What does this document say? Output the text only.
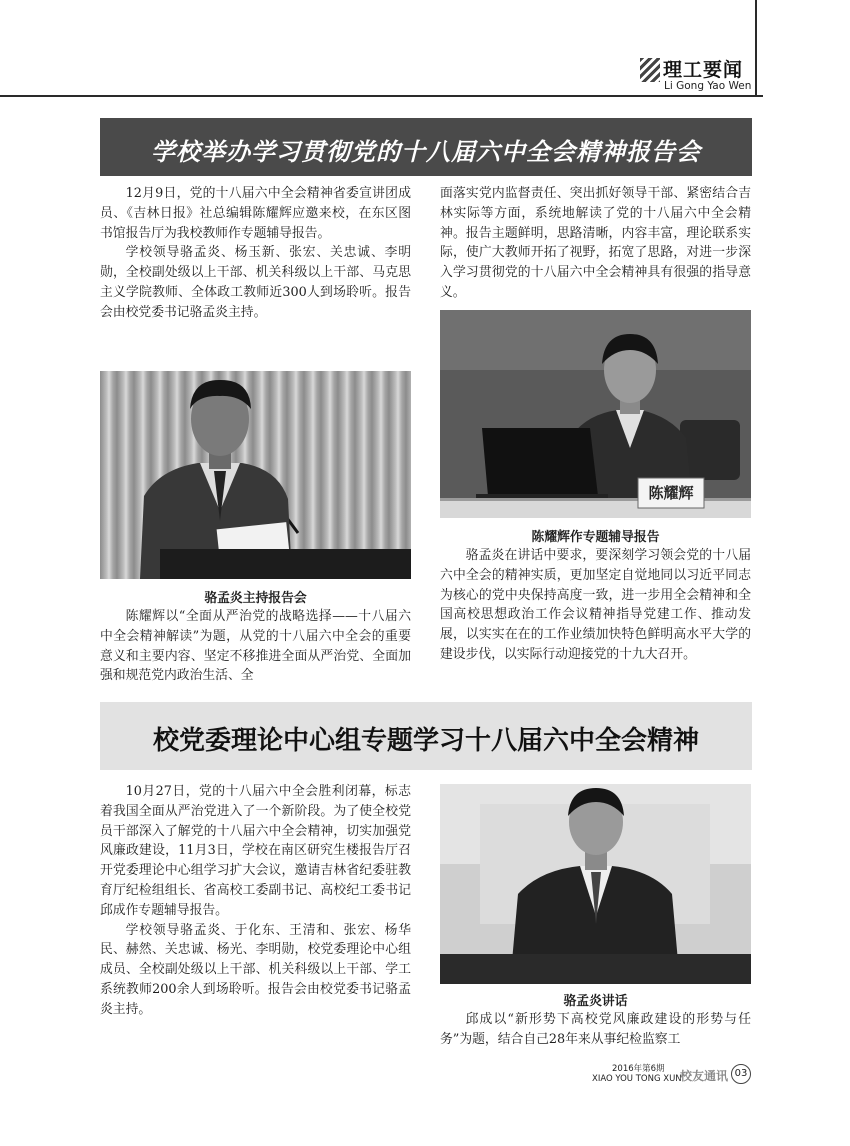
理工要闻
Li Gong Yao Wen
学校举办学习贯彻党的十八届六中全会精神报告会

12月9日，党的十八届六中全会精神省委宣讲团成员、《吉林日报》社总编辑陈耀辉应邀来校，在东区图书馆报告厅为我校教师作专题辅导报告。

学校领导骆孟炎、杨玉新、张宏、关忠诚、李明勋，全校副处级以上干部、机关科级以上干部、马克思主义学院教师、全体政工教师近300人到场聆听。报告会由校党委书记骆孟炎主持。

骆孟炎主持报告会

陈耀辉以“全面从严治党的战略选择——十八届六中全会精神解读”为题，从党的十八届六中全会的重要意义和主要内容、坚定不移推进全面从严治党、全面加强和规范党内政治生活、全

面落实党内监督责任、突出抓好领导干部、紧密结合吉林实际等方面，系统地解读了党的十八届六中全会精神。报告主题鲜明，思路清晰，内容丰富，理论联系实际，使广大教师开拓了视野，拓宽了思路，对进一步深入学习贯彻党的十八届六中全会精神具有很强的指导意义。

陈耀辉
陈耀辉作专题辅导报告

骆孟炎在讲话中要求，要深刻学习领会党的十八届六中全会的精神实质，更加坚定自觉地同以习近平同志为核心的党中央保持高度一致，进一步用全会精神和全国高校思想政治工作会议精神指导党建工作、推动发展，以实实在在的工作业绩加快特色鲜明高水平大学的建设步伐，以实际行动迎接党的十九大召开。

校党委理论中心组专题学习十八届六中全会精神

10月27日，党的十八届六中全会胜利闭幕，标志着我国全面从严治党进入了一个新阶段。为了使全校党员干部深入了解党的十八届六中全会精神，切实加强党风廉政建设，11月3日，学校在南区研究生楼报告厅召开党委理论中心组学习扩大会议，邀请吉林省纪委驻教育厅纪检组组长、省高校工委副书记、高校纪工委书记邱成作专题辅导报告。

学校领导骆孟炎、于化东、王清和、张宏、杨华民、赫然、关忠诚、杨光、李明勋，校党委理论中心组成员、全校副处级以上干部、机关科级以上干部、学工系统教师200余人到场聆听。报告会由校党委书记骆孟炎主持。

骆孟炎讲话

邱成以“新形势下高校党风廉政建设的形势与任务”为题，结合自己28年来从事纪检监察工

2016年第6期
XIAO YOU TONG XUN
校友通讯 03
